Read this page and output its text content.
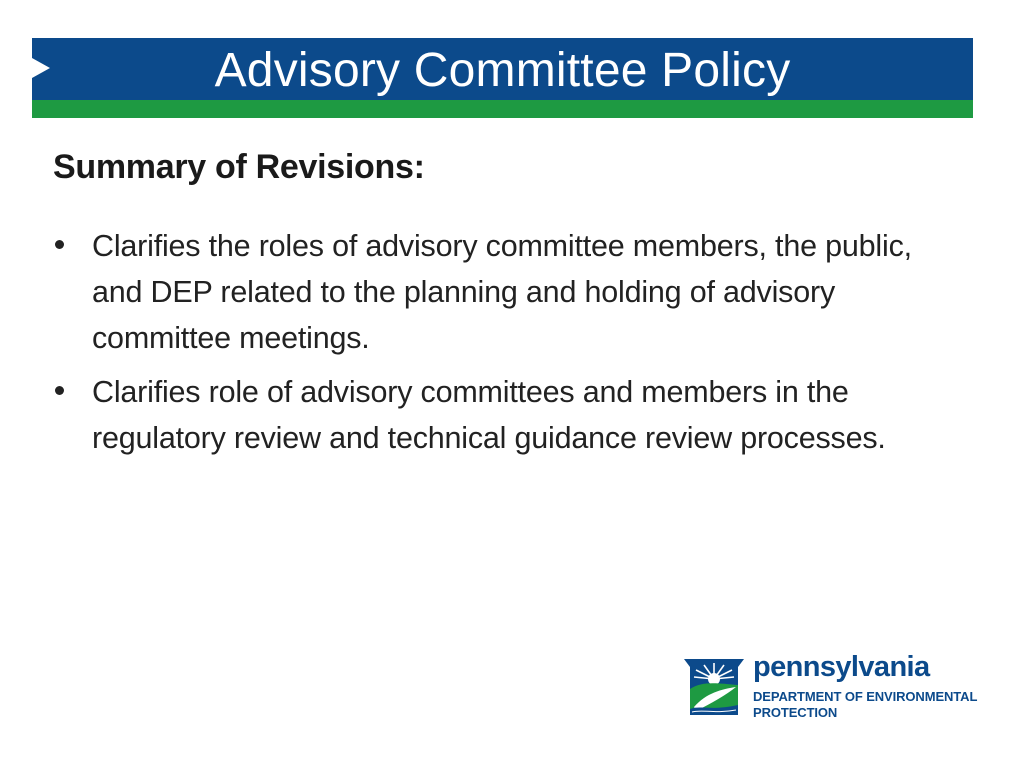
Advisory Committee Policy
Summary of Revisions:
Clarifies the roles of advisory committee members, the public, and DEP related to the planning and holding of advisory committee meetings.
Clarifies role of advisory committees and members in the regulatory review and technical guidance review processes.
pennsylvania
DEPARTMENT OF ENVIRONMENTAL
PROTECTION
